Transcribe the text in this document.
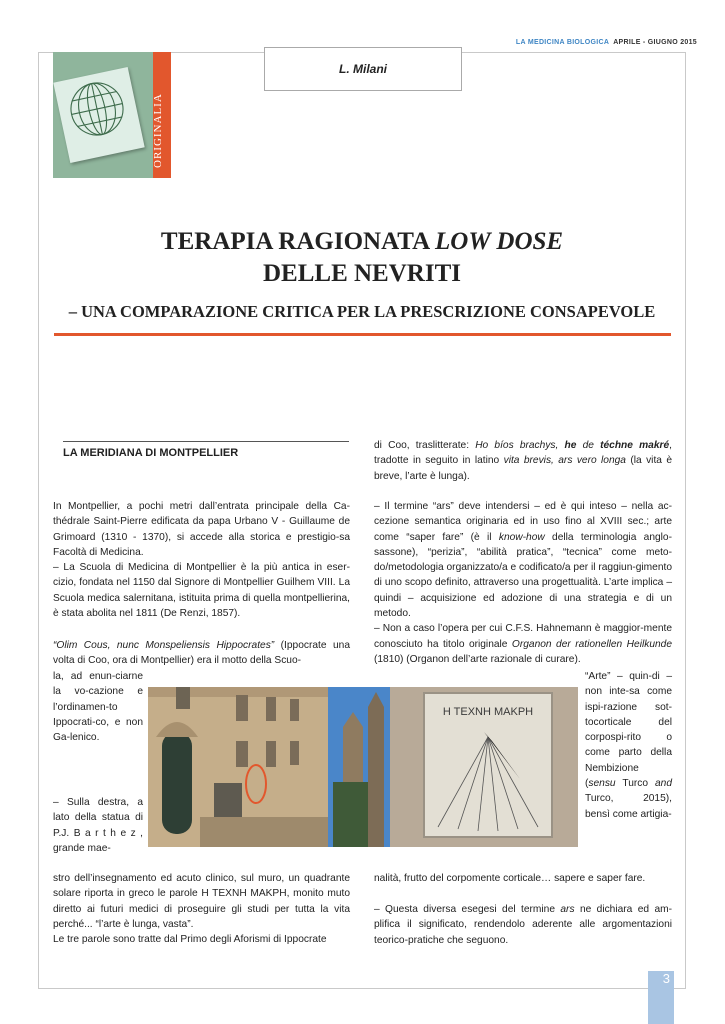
LA MEDICINA BIOLOGICA APRILE - GIUGNO 2015
ORIGINALIA
L. Milani
TERAPIA RAGIONATA LOW DOSE
DELLE NEVRITI
– UNA COMPARAZIONE CRITICA PER LA PRESCRIZIONE CONSAPEVOLE
LA MERIDIANA DI MONTPELLIER
In Montpellier, a pochi metri dall’entrata principale della Ca-thédrale Saint-Pierre edificata da papa Urbano V - Guillaume de Grimoard (1310 - 1370), si accede alla storica e prestigio-sa Facoltà di Medicina.
– La Scuola di Medicina di Montpellier è la più antica in eser-cizio, fondata nel 1150 dal Signore di Montpellier Guilhem VIII. La Scuola medica salernitana, istituita prima di quella montpellierina, è stata abolita nel 1811 (De Renzi, 1857).
“Olim Cous, nunc Monspeliensis Hippocrates” (Ippocrate una volta di Coo, ora di Montpellier) era il motto della Scuo-
la, ad enun-ciarne la vo-cazione e l’ordinamen-to Ippocrati-co, e non Ga-lenico.
– Sulla destra, a lato della statua di P.J. B a r t h e z , grande mae-
stro dell’insegnamento ed acuto clinico, sul muro, un quadrante solare riporta in greco le parole Η ΤΕΧΝΗ ΜΑΚΡΗ, monito muto diretto ai futuri medici di proseguire gli studi per tutta la vita perché... “l’arte è lunga, vasta”.
Le tre parole sono tratte dal Primo degli Aforismi di Ippocrate
di Coo, traslitterate: Ho bíos brachys, he de téchne makré, tradotte in seguito in latino vita brevis, ars vero longa (la vita è breve, l’arte è lunga).
– Il termine “ars” deve intendersi – ed è qui inteso – nella ac-cezione semantica originaria ed in uso fino al XVIII sec.; arte come “saper fare” (è il know-how della terminologia anglo-sassone), “perizia”, “abilità pratica”, “tecnica” come meto-do/metodologia organizzato/a e codificato/a per il raggiun-gimento di uno scopo definito, attraverso una progettualità. L’arte implica – quindi – acquisizione ed adozione di una strategia e di un metodo.
– Non a caso l’opera per cui C.F.S. Hahnemann è maggior-mente conosciuto ha titolo originale Organon der rationellen Heilkunde (1810) (Organon dell’arte razionale di curare).
“Arte” – quin-di – non inte-sa come ispi-razione sot-tocorticale del corpospi-rito o come parto della Nembizione (sensu Turco and Turco, 2015), bensì come artigia-
nalità, frutto del corpomente corticale… sapere e saper fare.
– Questa diversa esegesi del termine ars ne dichiara ed am-plifica il significato, rendendolo aderente alle argomentazioni teorico-pratiche che seguono.
Η ΤΕΧΝΗ ΜΑΚΡΗ
3
